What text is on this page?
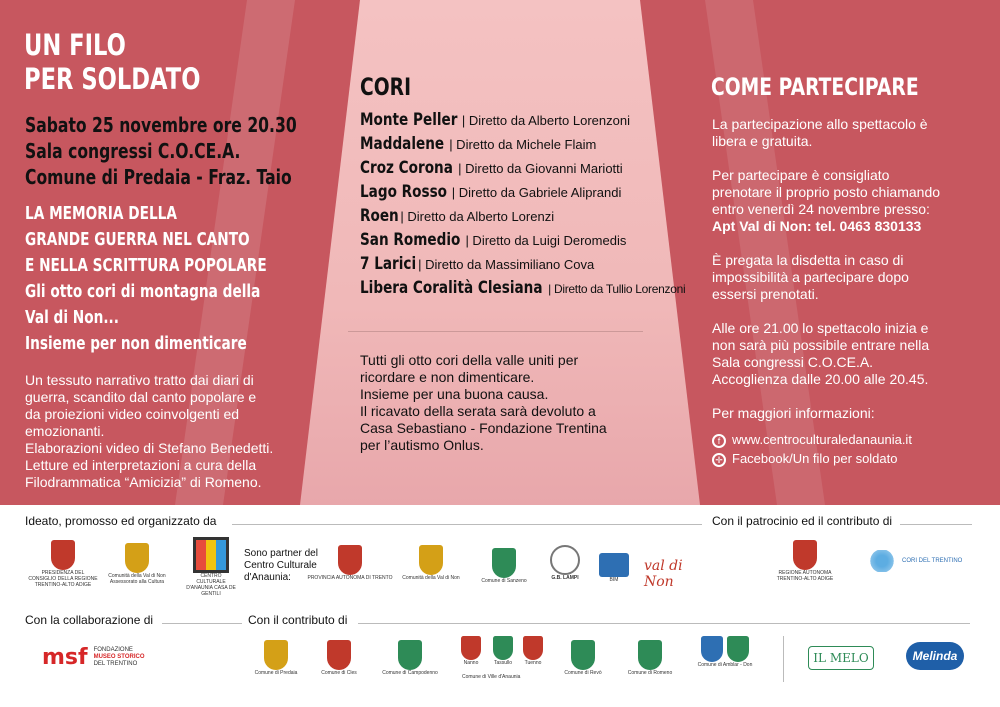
UN FILO
PER SOLDATO
Sabato 25 novembre ore 20.30
Sala congressi C.O.CE.A.
Comune di Predaia - Fraz. Taio
LA MEMORIA DELLA
GRANDE GUERRA NEL CANTO
E NELLA SCRITTURA POPOLARE
Gli otto cori di montagna della
Val di Non...
Insieme per non dimenticare
Un tessuto narrativo tratto dai diari di
guerra, scandito dal canto popolare e
da proiezioni video coinvolgenti ed
emozionanti.
Elaborazioni video di Stefano Benedetti.
Letture ed interpretazioni a cura della
Filodrammatica “Amicizia” di Romeno.
CORI
Monte Peller | Diretto da Alberto Lorenzoni
Maddalene | Diretto da Michele Flaim
Croz Corona | Diretto da Giovanni Mariotti
Lago Rosso | Diretto da Gabriele Aliprandi
Roen | Diretto da Alberto Lorenzi
San Romedio | Diretto da Luigi Deromedis
7 Larici | Diretto da Massimiliano Cova
Libera Coralità Clesiana | Diretto da Tullio Lorenzoni
Tutti gli otto cori della valle uniti per
ricordare e non dimenticare.
Insieme per una buona causa.
Il ricavato della serata sarà devoluto a
Casa Sebastiano - Fondazione Trentina
per l’autismo Onlus.
COME PARTECIPARE
La partecipazione allo spettacolo è
libera e gratuita.
Per partecipare è consigliato
prenotare il proprio posto chiamando
entro venerdì 24 novembre presso:
Apt Val di Non: tel. 0463 830133
È pregata la disdetta in caso di
impossibilità a partecipare dopo
essersi prenotati.
Alle ore 21.00 lo spettacolo inizia e
non sarà più possibile entrare nella
Sala congressi C.O.CE.A.
Accoglienza dalle 20.00 alle 20.45.
Per maggiori informazioni:
f www.centroculturaledanaunia.it
✛ Facebook/Un filo per soldato
Ideato, promosso ed organizzato da	Con il patrocinio ed il contributo di
PRESIDENZA DEL CONSIGLIO DELLA REGIONE TRENTINO-ALTO ADIGE
Comunità della Val di Non Assessorato alla Cultura
CENTRO CULTURALE D'ANAUNIA CASA DE GENTILI
Sono partner del
Centro Culturale
d'Anaunia:	PROVINCIA AUTONOMA DI TRENTO Comunità della Val di Non	Comune di Sanzeno	G.B. LAMPI	BIM
val di Non
REGIONE AUTONOMA TRENTINO-ALTO ADIGE
CORI DEL TRENTINO
Con la collaborazione di	Con il contributo di
msf FONDAZIONE
MUSEO STORICO
DEL TRENTINO
Comune di Predaia	Comune di Cles	Comune di Campodenno
Nanno	Tassullo	Tuenno
Comune di Ville d'Anaunia
Comune di Revò	Comune di Romeno
Comune di Amblar - Don	IL MELO	Melinda
